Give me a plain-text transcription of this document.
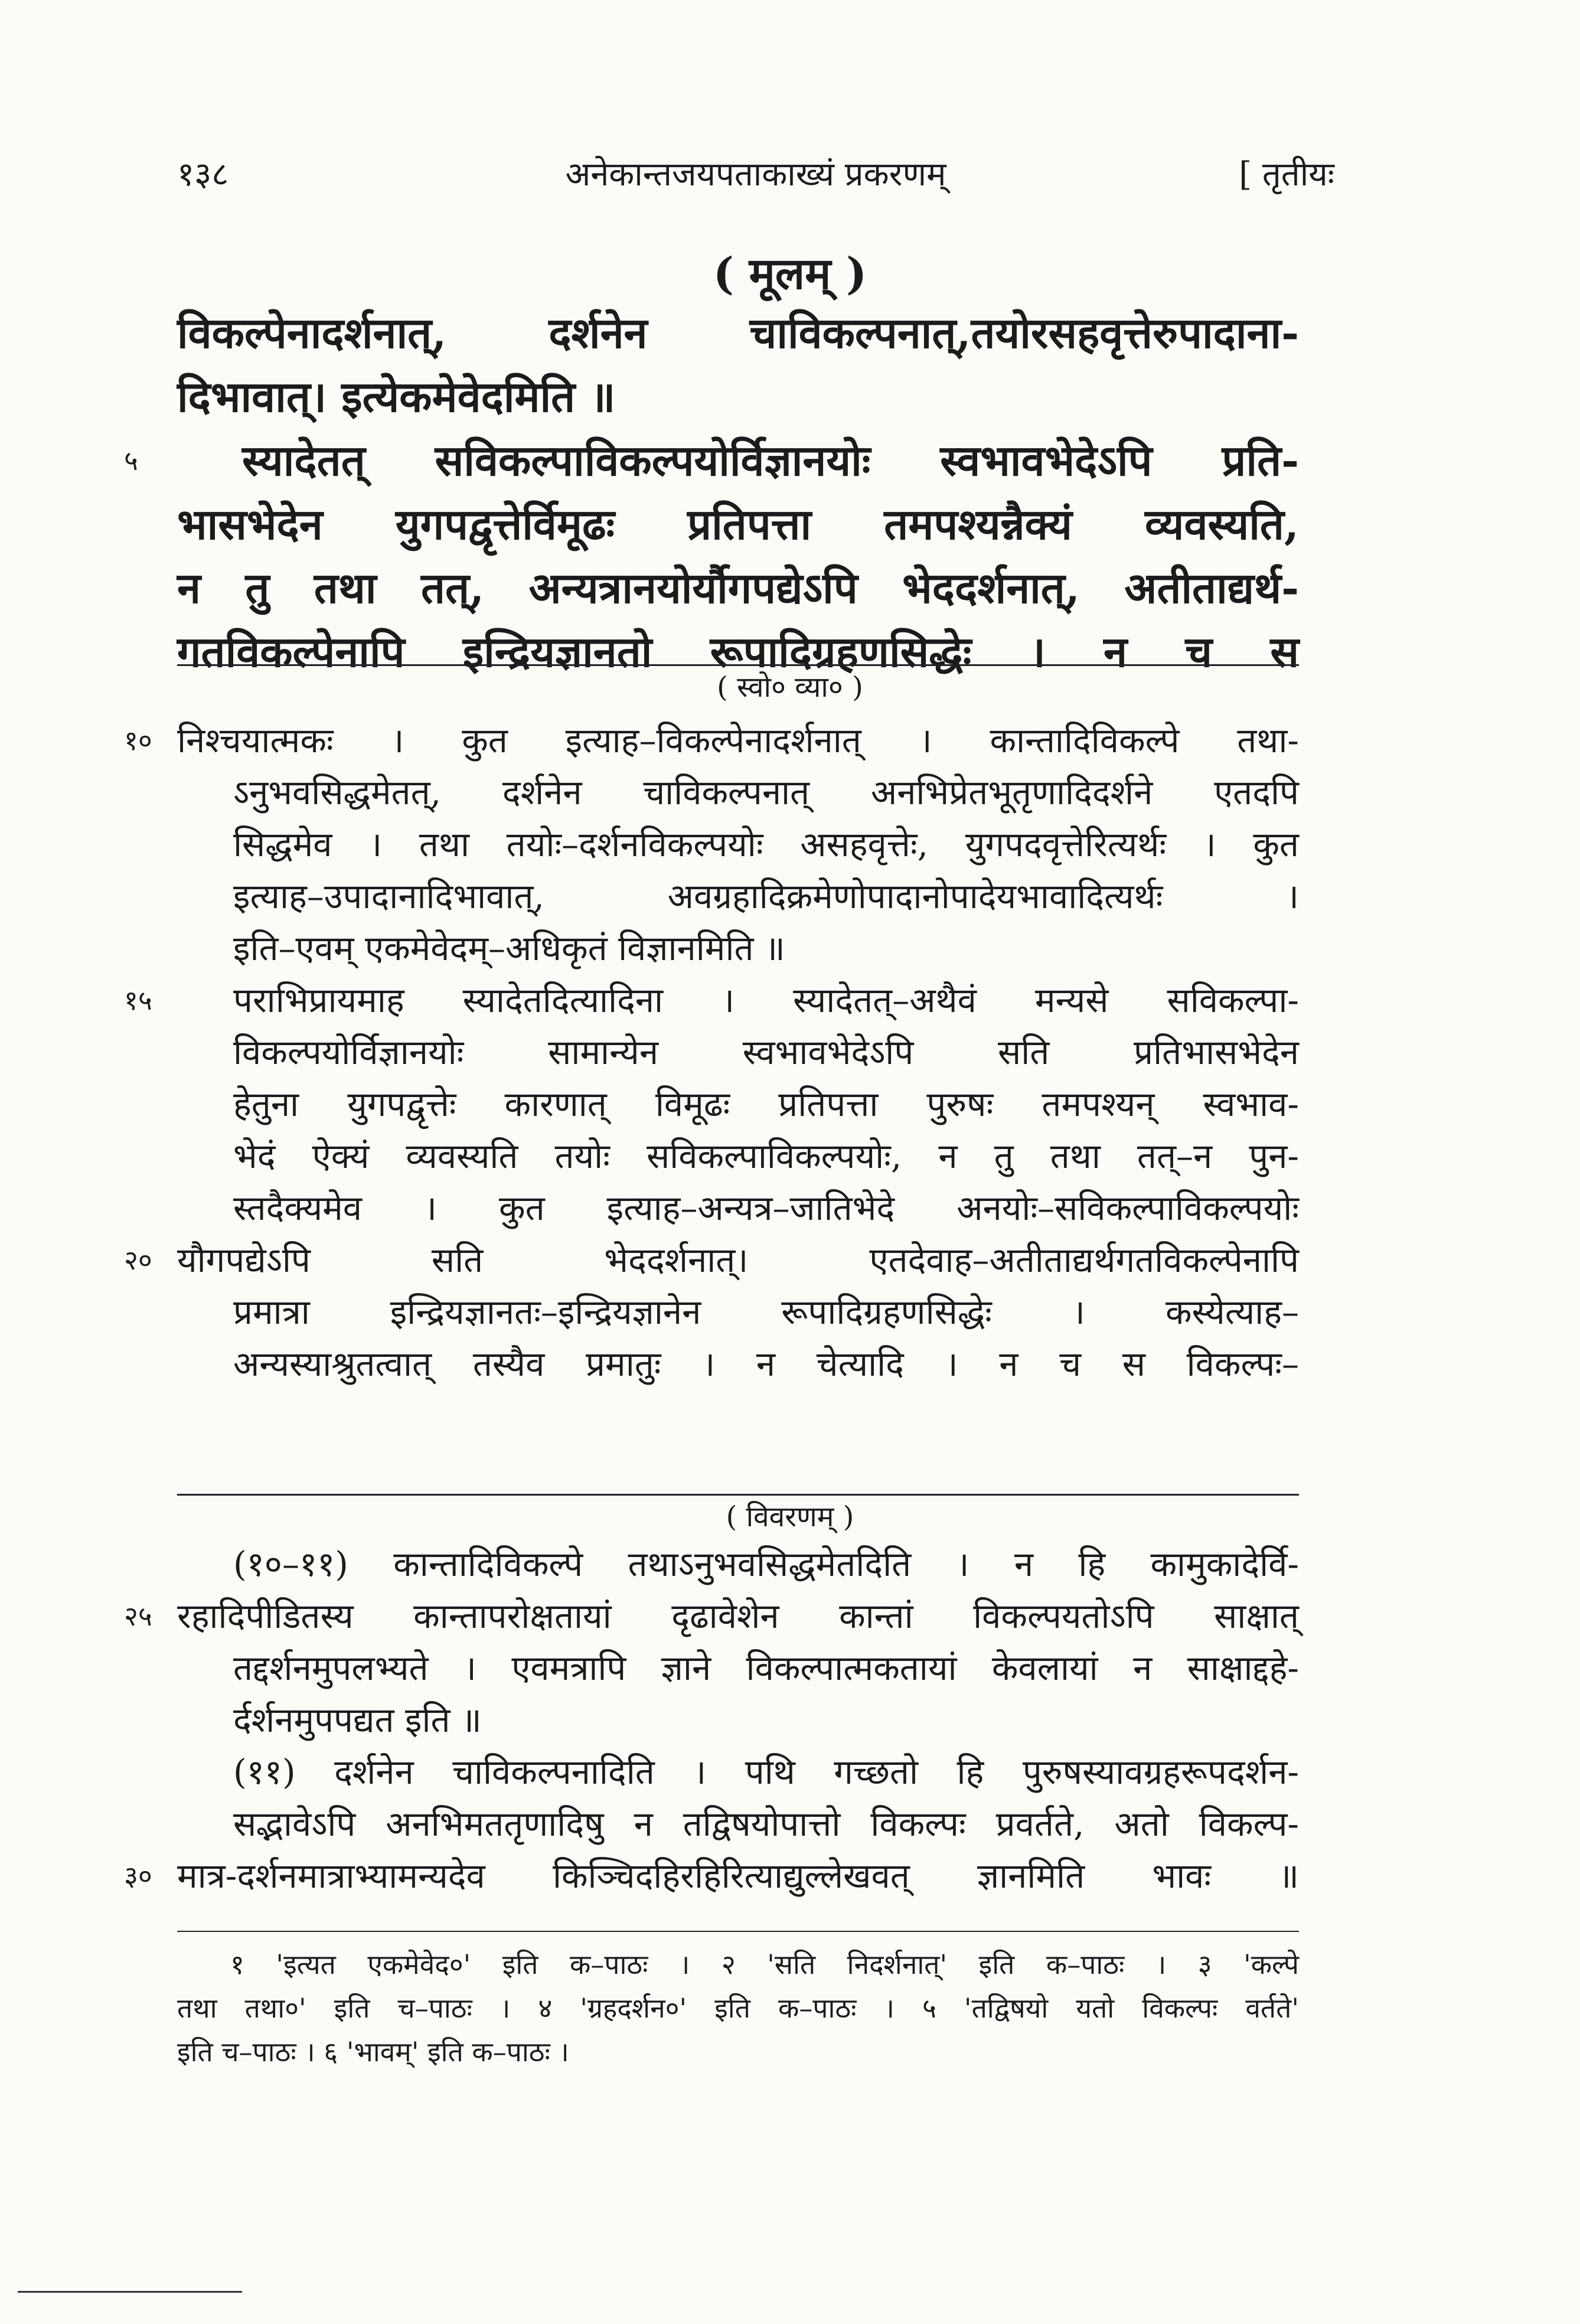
१३८	अनेकान्तजयपताकाख्यं प्रकरणम्	[ तृतीयः
( मूलम् )
विकल्पेनादर्शनात्, दर्शनेन चाविकल्पनात्,तयोरसहवृत्तेरुपादाना-
दिभावात्। इत्येकमेवेदमिति ॥
५	स्यादेतत् सविकल्पाविकल्पयोर्विज्ञानयोः स्वभावभेदेऽपि प्रति-
भासभेदेन युगपद्वृत्तेर्विमूढः प्रतिपत्ता तमपश्यन्नैक्यं व्यवस्यति,
न तु तथा तत्, अन्यत्रानयोर्यौगपद्येऽपि भेददर्शनात्, अतीताद्यर्थ-
गतविकल्पेनापि इन्द्रियज्ञानतो रूपादिग्रहणसिद्धेः । न च स
( स्वो० व्या० )
१० निश्चयात्मकः । कुत इत्याह–विकल्पेनादर्शनात् । कान्तादिविकल्पे तथा-
ऽनुभवसिद्धमेतत्, दर्शनेन चाविकल्पनात् अनभिप्रेतभूतृणादिदर्शने एतदपि
सिद्धमेव । तथा तयोः–दर्शनविकल्पयोः असहवृत्तेः, युगपदवृत्तेरित्यर्थः । कुत
इत्याह–उपादानादिभावात्, अवग्रहादिक्रमेणोपादानोपादेयभावादित्यर्थः ।
इति–एवम् एकमेवेदम्–अधिकृतं विज्ञानमिति ॥
१५	पराभिप्रायमाह स्यादेतदित्यादिना । स्यादेतत्–अथैवं मन्यसे सविकल्पा-
विकल्पयोर्विज्ञानयोः सामान्येन स्वभावभेदेऽपि सति प्रतिभासभेदेन
हेतुना युगपद्वृत्तेः कारणात् विमूढः प्रतिपत्ता पुरुषः तमपश्यन् स्वभाव-
भेदं ऐक्यं व्यवस्यति तयोः सविकल्पाविकल्पयोः, न तु तथा तत्–न पुन-
स्तदैक्यमेव । कुत इत्याह–अन्यत्र–जातिभेदे अनयोः–सविकल्पाविकल्पयोः
२० यौगपद्येऽपि सति भेददर्शनात्। एतदेवाह–अतीताद्यर्थगतविकल्पेनापि
प्रमात्रा इन्द्रियज्ञानतः–इन्द्रियज्ञानेन रूपादिग्रहणसिद्धेः । कस्येत्याह–
अन्यस्याश्रुतत्वात् तस्यैव प्रमातुः । न चेत्यादि । न च स विकल्पः–
( विवरणम् )
(१०–११) कान्तादिविकल्पे तथाऽनुभवसिद्धमेतदिति । न हि कामुकादेर्वि-
२५ रहादिपीडितस्य कान्तापरोक्षतायां दृढावेशेन कान्तां विकल्पयतोऽपि साक्षात्
तद्दर्शनमुपलभ्यते । एवमत्रापि ज्ञाने विकल्पात्मकतायां केवलायां न साक्षाद्दहे-
र्दर्शनमुपपद्यत इति ॥
(११) दर्शनेन चाविकल्पनादिति । पथि गच्छतो हि पुरुषस्यावग्रहरूपदर्शन-
सद्भावेऽपि अनभिमततृणादिषु न तद्विषयोपात्तो विकल्पः प्रवर्तते, अतो विकल्प-
३० मात्र-दर्शनमात्राभ्यामन्यदेव किञ्चिदहिरहिरित्याद्युल्लेखवत् ज्ञानमिति भावः ॥
१ 'इत्यत एकमेवेद०' इति क–पाठः । २ 'सति निदर्शनात्' इति क–पाठः । ३ 'कल्पे
तथा तथा०' इति च–पाठः । ४ 'ग्रहदर्शन०' इति क–पाठः । ५ 'तद्विषयो यतो विकल्पः वर्तते'
इति च–पाठः । ६ 'भावम्' इति क–पाठः ।
